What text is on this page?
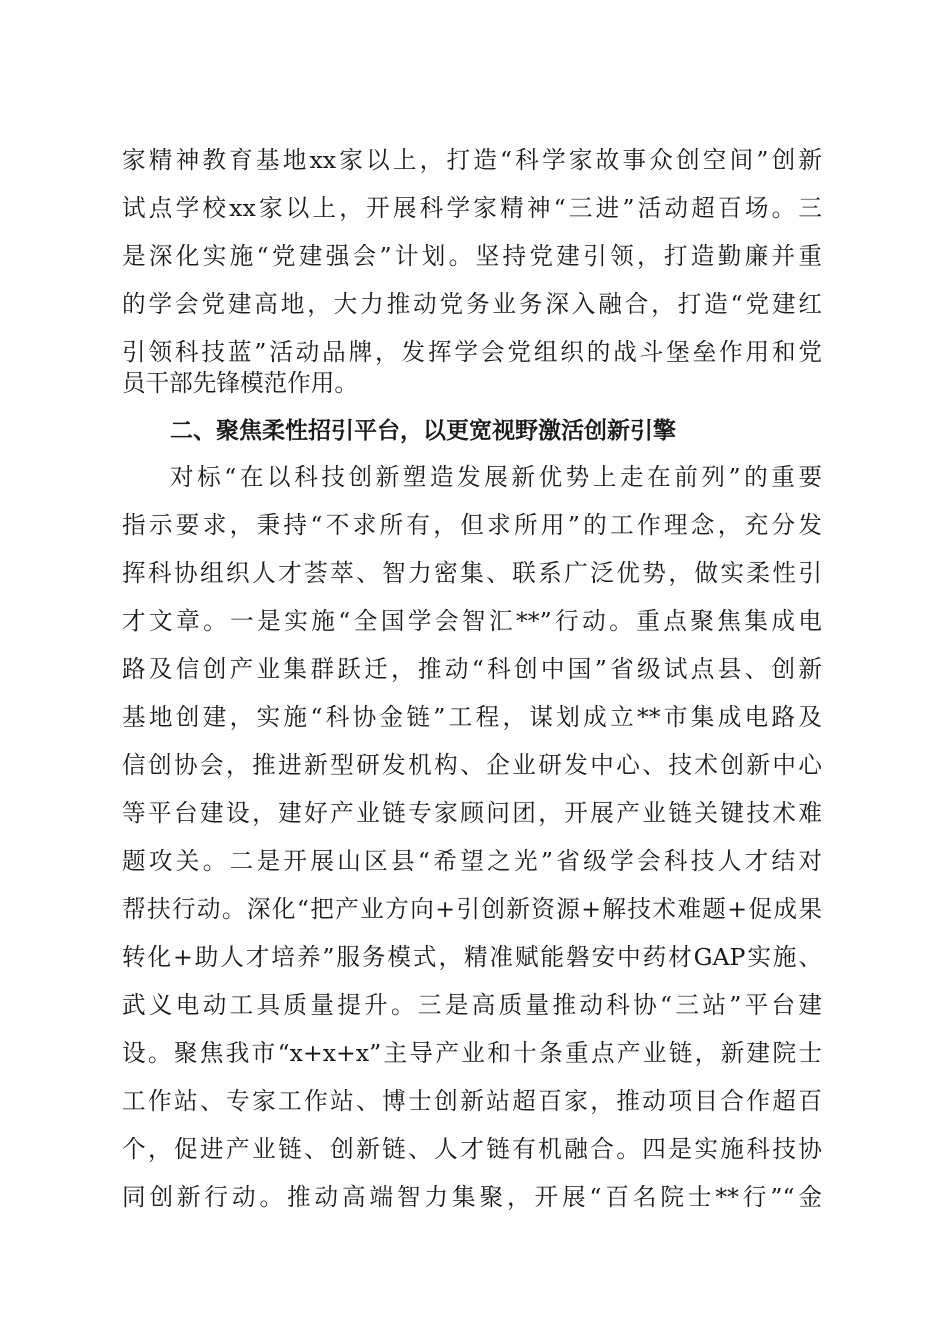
家精神教育基地xx家以上，打造“科学家故事众创空间”创新
试点学校xx家以上，开展科学家精神“三进”活动超百场。三
是深化实施“党建强会”计划。坚持党建引领，打造勤廉并重
的学会党建高地，大力推动党务业务深入融合，打造“党建红
引领科技蓝”活动品牌，发挥学会党组织的战斗堡垒作用和党
员干部先锋模范作用。
二、聚焦柔性招引平台，以更宽视野激活创新引擎
对标“在以科技创新塑造发展新优势上走在前列”的重要
指示要求，秉持“不求所有，但求所用”的工作理念，充分发
挥科协组织人才荟萃、智力密集、联系广泛优势，做实柔性引
才文章。一是实施“全国学会智汇**”行动。重点聚焦集成电
路及信创产业集群跃迁，推动“科创中国”省级试点县、创新
基地创建，实施“科协金链”工程，谋划成立**市集成电路及
信创协会，推进新型研发机构、企业研发中心、技术创新中心
等平台建设，建好产业链专家顾问团，开展产业链关键技术难
题攻关。二是开展山区县“希望之光”省级学会科技人才结对
帮扶行动。深化“把产业方向+引创新资源+解技术难题+促成果
转化+助人才培养”服务模式，精准赋能磐安中药材GAP实施、
武义电动工具质量提升。三是高质量推动科协“三站”平台建
设。聚焦我市“x+x+x”主导产业和十条重点产业链，新建院士
工作站、专家工作站、博士创新站超百家，推动项目合作超百
个，促进产业链、创新链、人才链有机融合。四是实施科技协
同创新行动。推动高端智力集聚，开展“百名院士**行”“金
